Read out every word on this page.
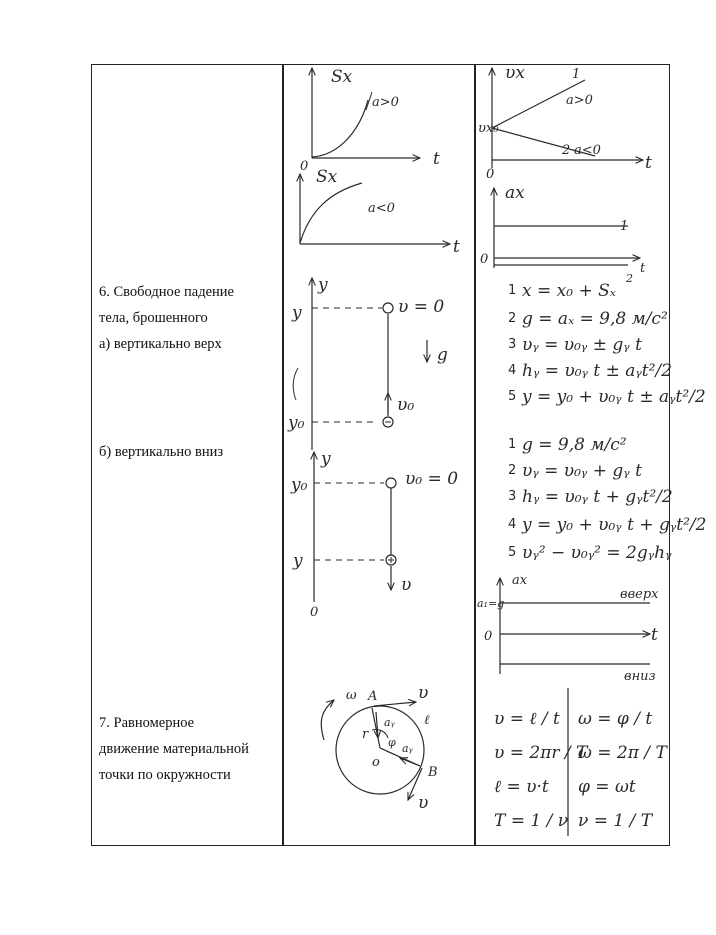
6. Свободное падение
тела, брошенного
а) вертикально верх
б) вертикально вниз
7. Равномерное
движение материальной
точки по окружности
Sx
t
0
a>0
Sx
t
a<0
υx
t
0
υx₀
1
a>0
2 a<0
ax
0
1
t
2
y
y
y₀
υ = 0
υ₀
g
y
y₀
y
υ₀ = 0
υ
0
1 x = x₀ + Sₓ
2 g = aₓ = 9,8 м/с²
3 υᵧ = υ₀ᵧ ± gᵧ t
4 hᵧ = υ₀ᵧ t ± aᵧt²/2
5 y = y₀ + υ₀ᵧ t ± aᵧt²/2
1 g = 9,8 м/с²
2 υᵧ = υ₀ᵧ + gᵧ t
3 hᵧ = υ₀ᵧ t + gᵧt²/2
4 y = y₀ + υ₀ᵧ t + gᵧt²/2
5 υᵧ² − υ₀ᵧ² = 2gᵧhᵧ
ax
a₁=g
0	t
вверх
вниз
ω A υ
aᵧ
r
φ
o
ℓ
aᵧ
B
υ
υ = ℓ / t
υ = 2πr / T
ℓ = υ·t
T = 1 / ν
ω = φ / t
ω = 2π / T
φ = ωt
ν = 1 / T
